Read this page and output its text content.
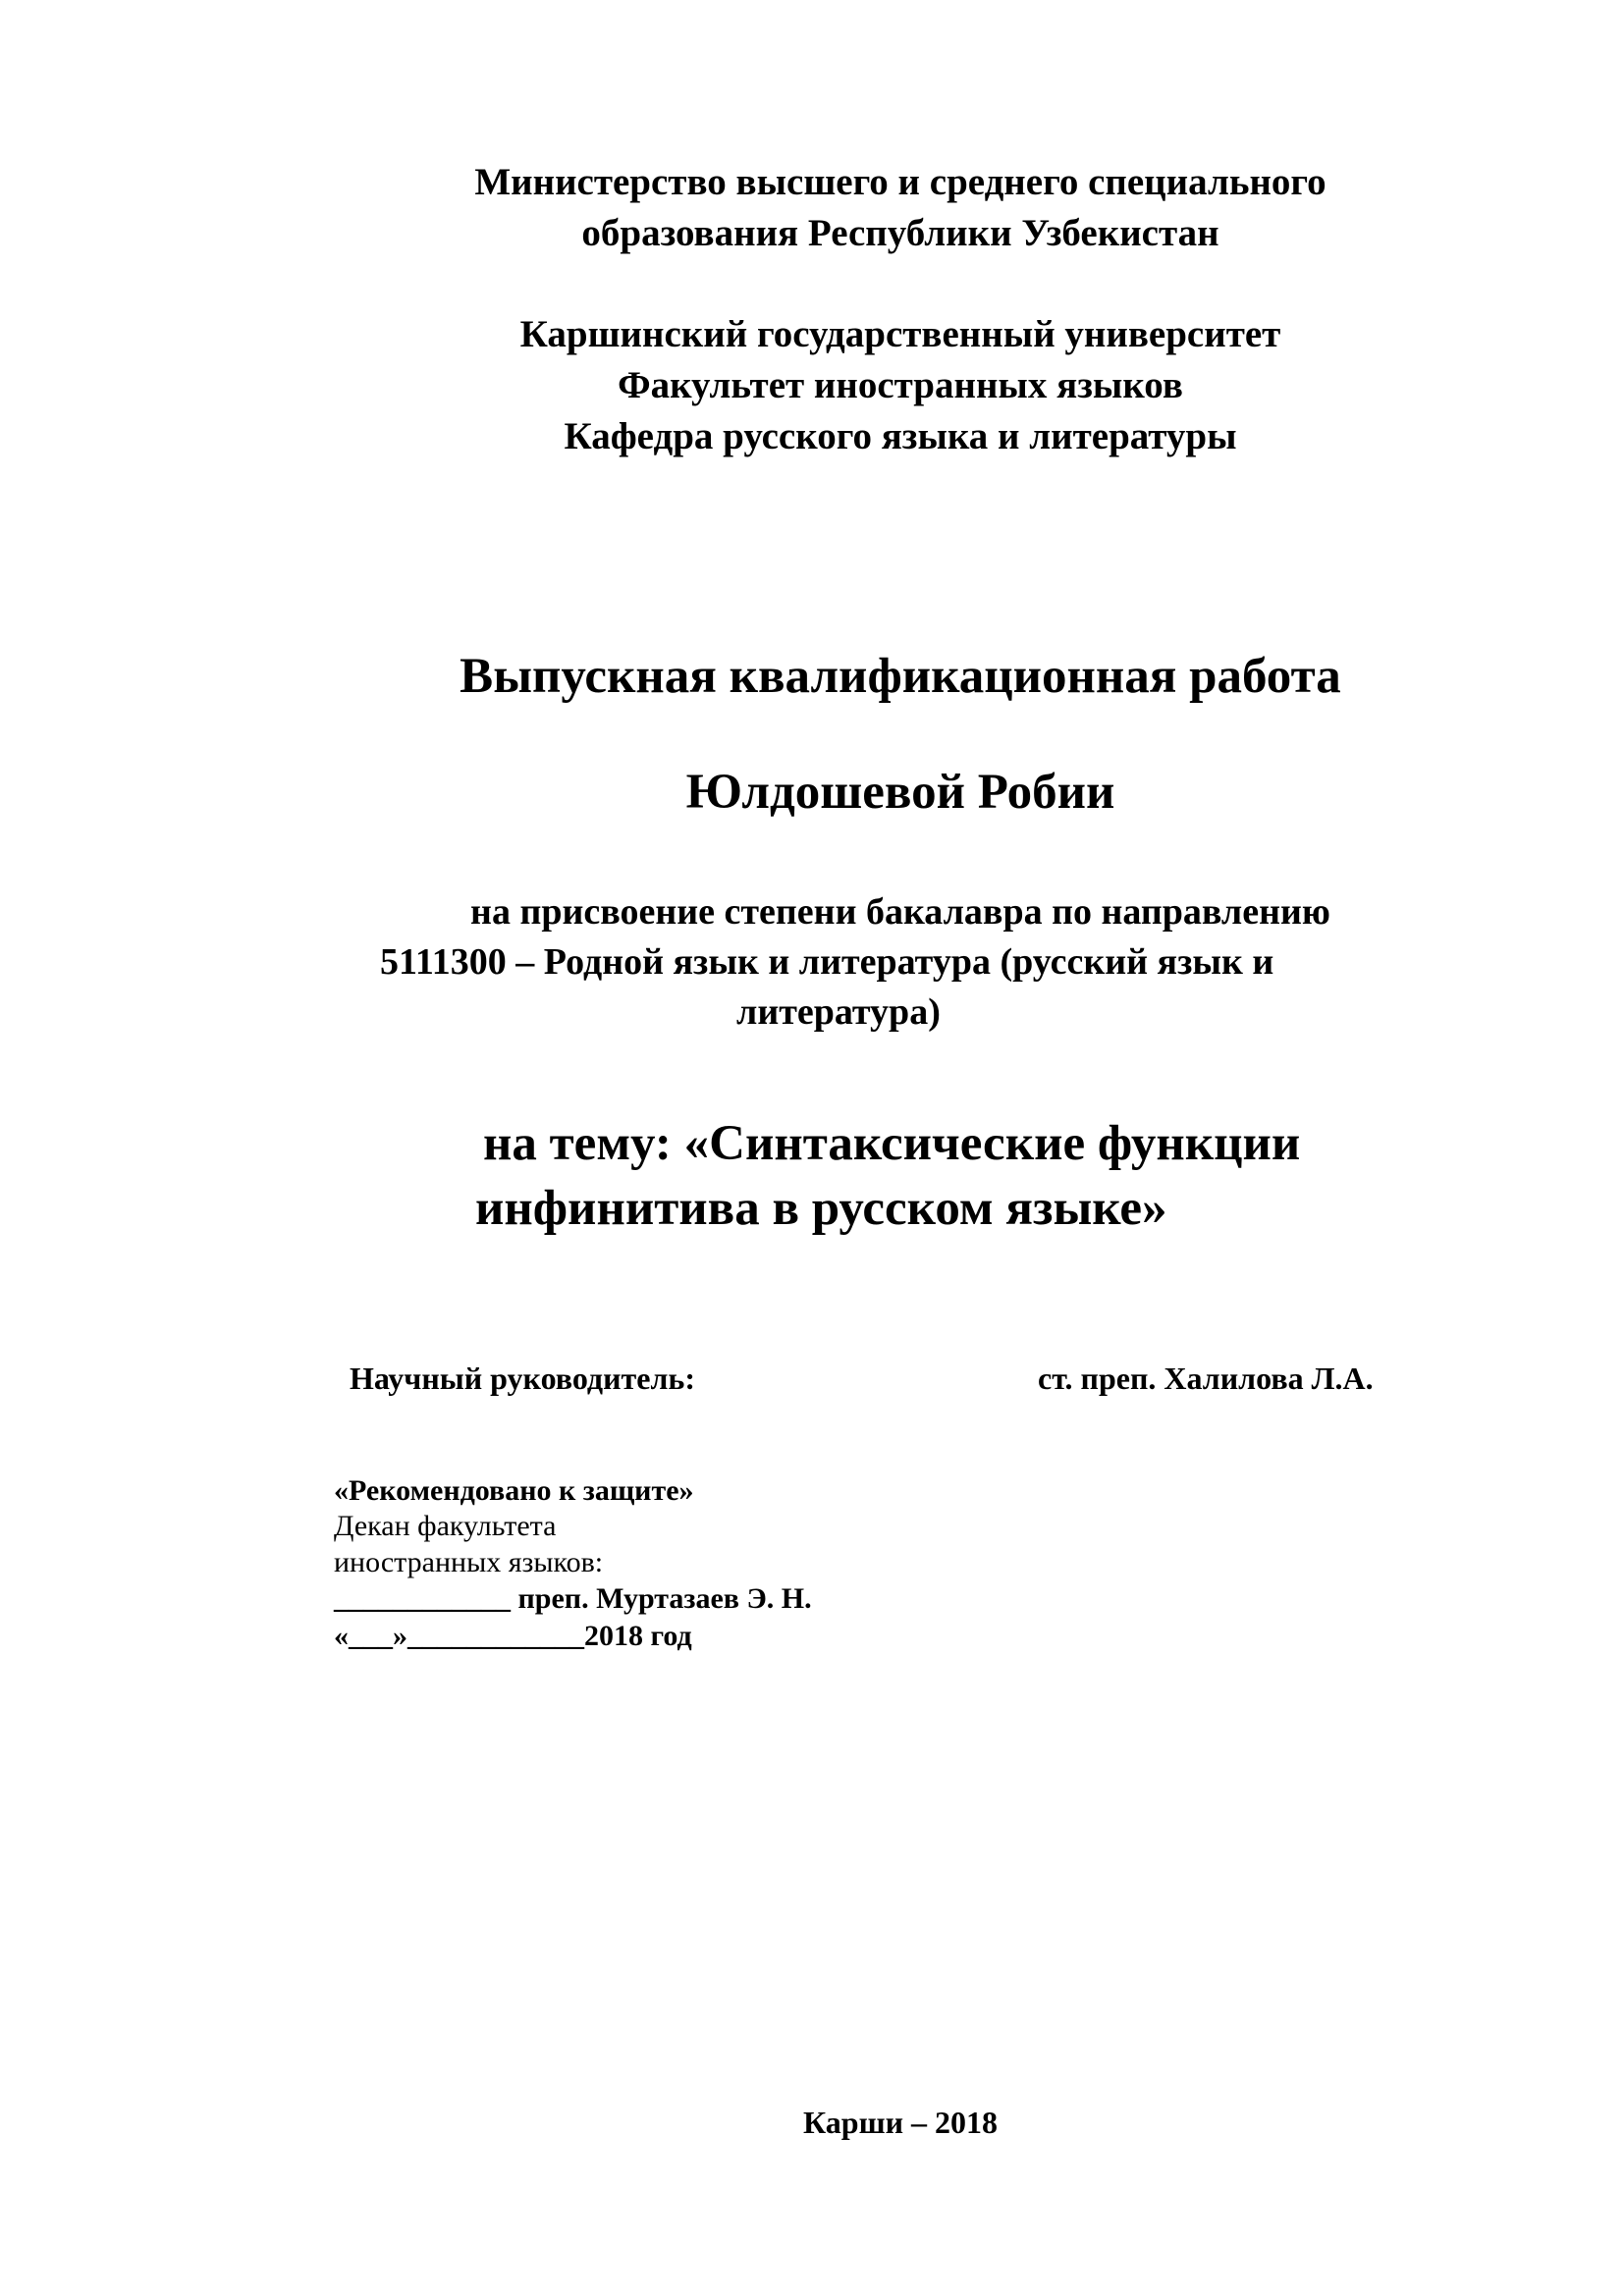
Министерство высшего и среднего специального
образования Республики Узбекистан
Каршинский государственный университет
Факультет иностранных языков
Кафедра русского языка и литературы
Выпускная квалификационная работа
Юлдошевой Робии
на присвоение степени бакалавра по направлению
5111300 – Родной язык и литература (русский язык и
литература)
на тему: «Синтаксические функции
инфинитива в русском языке»
Научный руководитель:	ст. преп. Халилова Л.А.
«Рекомендовано к защите»
Декан факультета
иностранных языков:
____________ преп. Муртазаев Э. Н.
«___»____________2018 год
Карши – 2018
